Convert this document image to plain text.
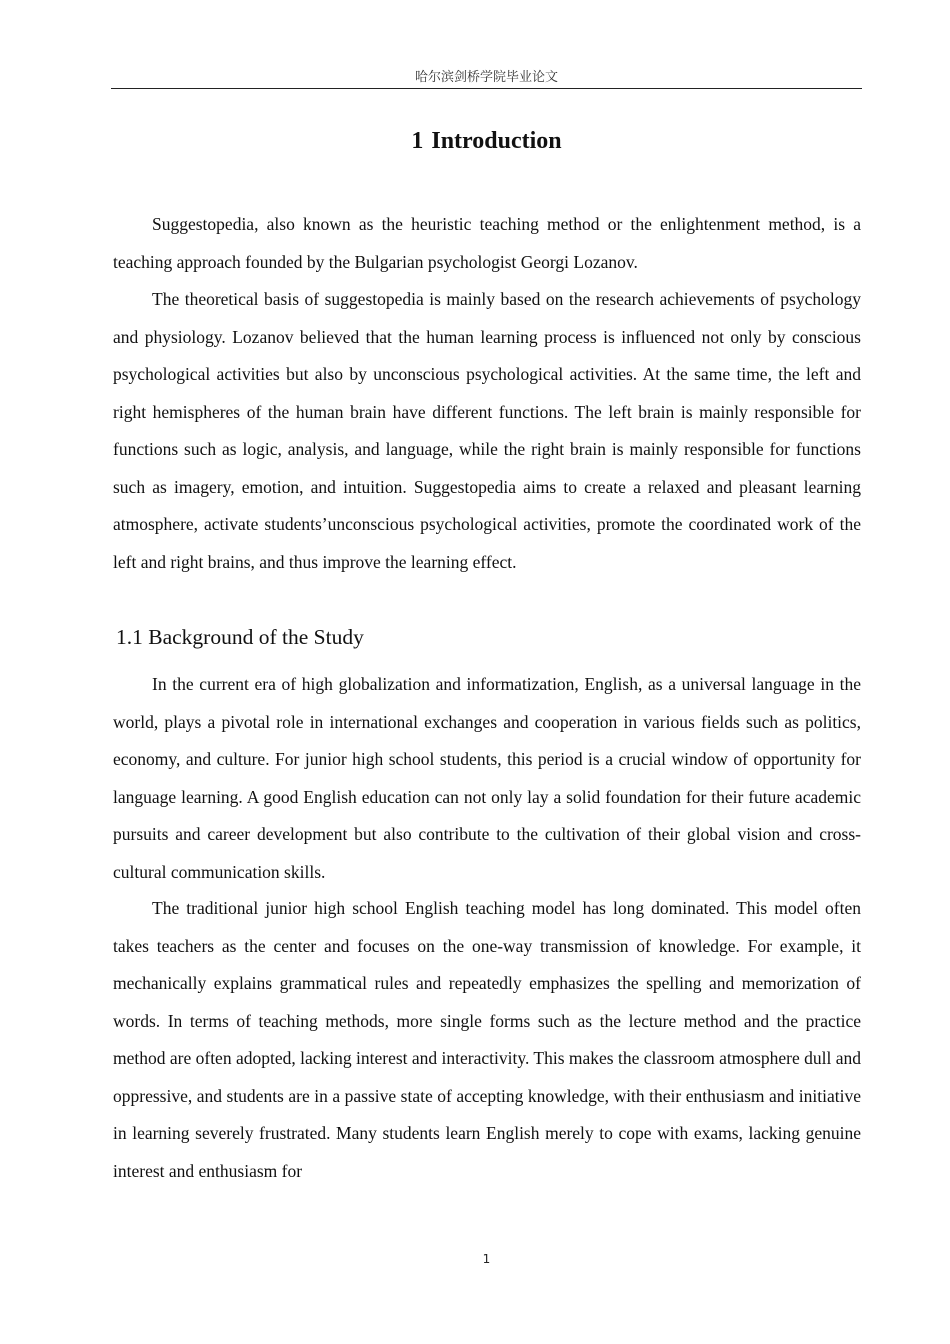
哈尔滨剑桥学院毕业论文
1 Introduction

Suggestopedia, also known as the heuristic teaching method or the enlightenment method, is a teaching approach founded by the Bulgarian psychologist Georgi Lozanov.

The theoretical basis of suggestopedia is mainly based on the research achievements of psychology and physiology. Lozanov believed that the human learning process is influenced not only by conscious psychological activities but also by unconscious psychological activities. At the same time, the left and right hemispheres of the human brain have different functions. The left brain is mainly responsible for functions such as logic, analysis, and language, while the right brain is mainly responsible for functions such as imagery, emotion, and intuition. Suggestopedia aims to create a relaxed and pleasant learning atmosphere, activate students’unconscious psychological activities, promote the coordinated work of the left and right brains, and thus improve the learning effect.

1.1 Background of the Study

In the current era of high globalization and informatization, English, as a universal language in the world, plays a pivotal role in international exchanges and cooperation in various fields such as politics, economy, and culture. For junior high school students, this period is a crucial window of opportunity for language learning. A good English education can not only lay a solid foundation for their future academic pursuits and career development but also contribute to the cultivation of their global vision and cross-cultural communication skills.

The traditional junior high school English teaching model has long dominated. This model often takes teachers as the center and focuses on the one-way transmission of knowledge. For example, it mechanically explains grammatical rules and repeatedly emphasizes the spelling and memorization of words. In terms of teaching methods, more single forms such as the lecture method and the practice method are often adopted, lacking interest and interactivity. This makes the classroom atmosphere dull and oppressive, and students are in a passive state of accepting knowledge, with their enthusiasm and initiative in learning severely frustrated. Many students learn English merely to cope with exams, lacking genuine interest and enthusiasm for

1
